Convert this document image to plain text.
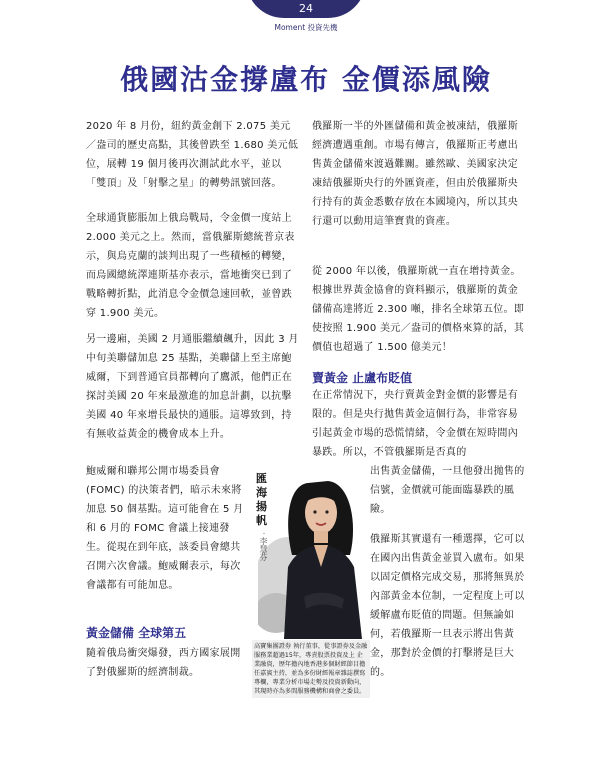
24
Moment 投資先機
俄國沽金撐盧布 金價添風險

2020 年 8 月份，紐約黃金創下 2.075 美元／盎司的歷史高點，其後曾跌至 1.680 美元低位，展轉 19 個月後再次測試此水平，並以「雙頂」及「射擊之星」的轉勢訊號回落。

全球通貨膨脹加上俄烏戰局，令金價一度站上 2.000 美元之上。然而，當俄羅斯總統普京表示，與烏克蘭的談判出現了一些積極的轉變，而烏國總統澤連斯基亦表示，當地衝突已到了戰略轉折點，此消息令金價急速回軟，並曾跌穿 1.900 美元。

另一邊廂，美國 2 月通脹繼續飆升，因此 3 月中旬美聯儲加息 25 基點，美聯儲上至主席鮑威爾，下到普通官員都轉向了鷹派，他們正在探討美國 20 年來最激進的加息計劃，以抗擊美國 40 年來增長最快的通脹。這導致到，持有無收益黃金的機會成本上升。

鮑威爾和聯邦公開市場委員會(FOMC) 的決策者們，暗示未來將加息 50 個基點。這可能會在 5 月和 6 月的 FOMC 會議上接連發生。從現在到年底，該委員會總共召開六次會議。鮑威爾表示，每次會議都有可能加息。

黃金儲備 全球第五

隨着俄烏衝突爆發，西方國家展開了對俄羅斯的經濟制裁。

俄羅斯一半的外匯儲備和黃金被凍結，俄羅斯經濟遭遇重創。市場有傳言，俄羅斯正考慮出售黃金儲備來渡過難關。雖然歐、美國家決定凍結俄羅斯央行的外匯資產，但由於俄羅斯央行持有的黃金悉數存放在本國境內，所以其央行還可以動用這筆寶貴的資產。

從 2000 年以後，俄羅斯就一直在增持黃金。根據世界黃金協會的資料顯示，俄羅斯的黃金儲備高達將近 2.300 噸，排名全球第五位。即使按照 1.900 美元／盎司的價格來算的話，其價值也超過了 1.500 億美元！

賣黃金 止盧布貶值

在正常情況下，央行賣黃金對金價的影響是有限的。但是央行拋售黃金這個行為，非常容易引起黃金市場的恐慌情緒，令金價在短時間內暴跌。所以，不管俄羅斯是否真的

出售黃金儲備，一旦他發出拋售的信號，金價就可能面臨暴跌的風險。

俄羅斯其實還有一種選擇，它可以在國內出售黃金並買入盧布。如果以固定價格完成交易，那將無異於內部黃金本位制，一定程度上可以緩解盧布貶值的問題。但無論如何，若俄羅斯一旦表示將出售黃金，那對於金價的打擊將是巨大的。

匯海揚帆
‧ 李慧芬
高寶集團證券 執行董事，從事證券及金融服務業超過15年，專責股票投資及上 企業融資，歷年擔內地香港多個財經節目擔任嘉賓主持，並為多份財經報章雜誌撰寫專欄，專業分析市場走勢及投資新動向，其現時亦為多間服務機構和商會之委員。
